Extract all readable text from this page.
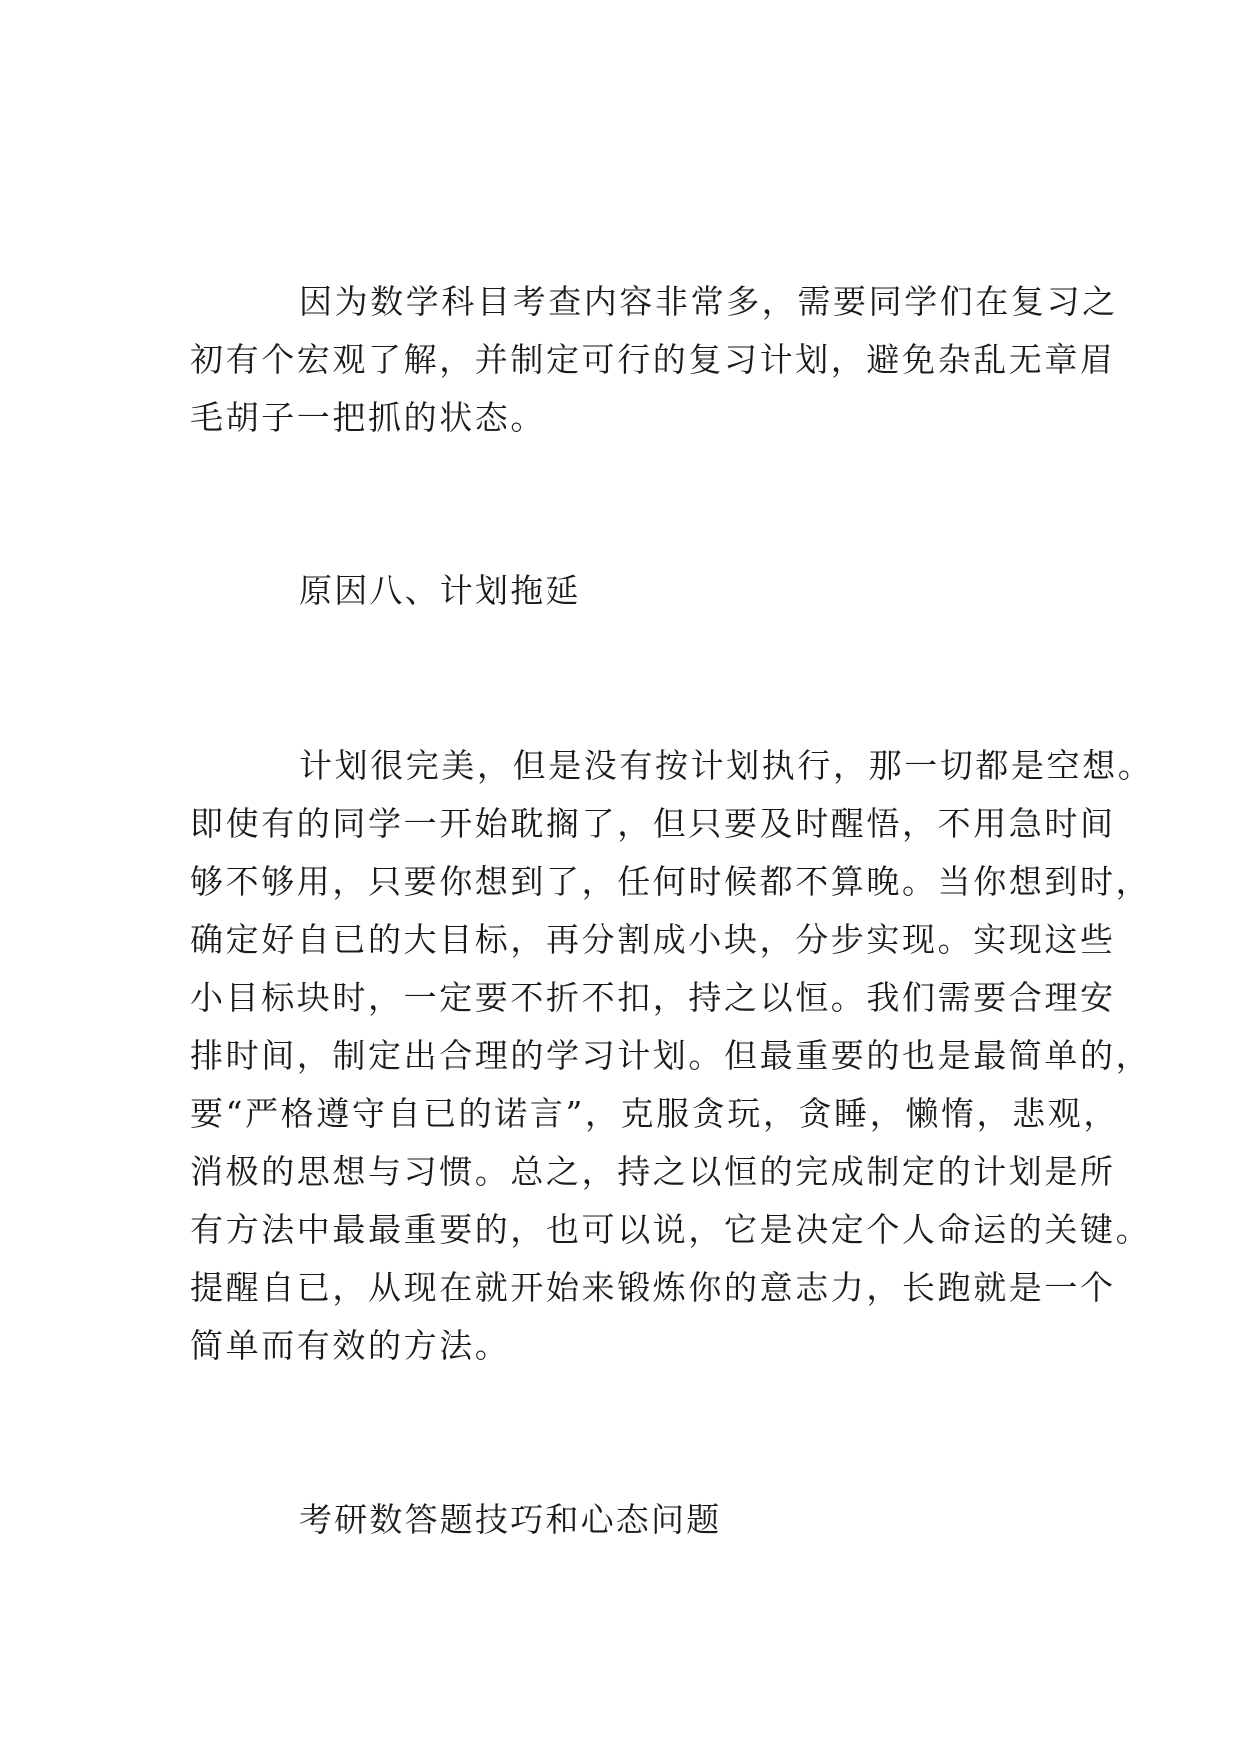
因为数学科目考查内容非常多，需要同学们在复习之
初有个宏观了解，并制定可行的复习计划，避免杂乱无章眉
毛胡子一把抓的状态。
原因八、计划拖延
计划很完美，但是没有按计划执行，那一切都是空想。
即使有的同学一开始耽搁了，但只要及时醒悟，不用急时间
够不够用，只要你想到了，任何时候都不算晚。当你想到时，
确定好自已的大目标，再分割成小块，分步实现。实现这些
小目标块时，一定要不折不扣，持之以恒。我们需要合理安
排时间，制定出合理的学习计划。但最重要的也是最简单的，
要“严格遵守自已的诺言”，克服贪玩，贪睡，懒惰，悲观，
消极的思想与习惯。总之，持之以恒的完成制定的计划是所
有方法中最最重要的，也可以说，它是决定个人命运的关键。
提醒自已，从现在就开始来锻炼你的意志力，长跑就是一个
简单而有效的方法。
考研数答题技巧和心态问题
